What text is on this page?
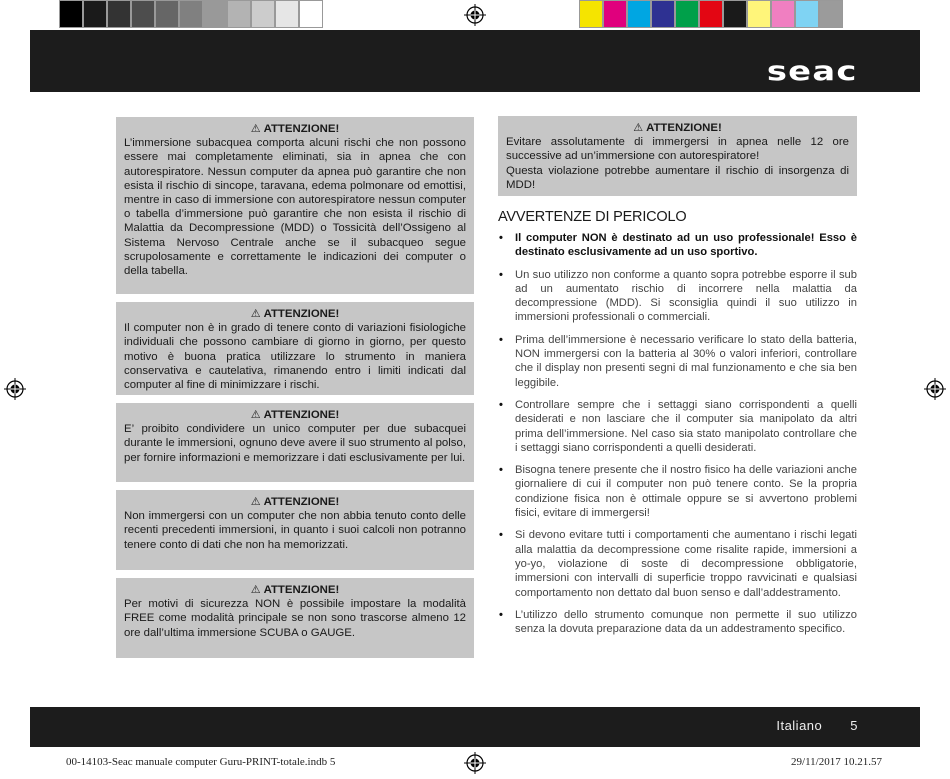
seac
⚠ ATTENZIONE!

L’immersione subacquea comporta alcuni rischi che non possono essere mai completamente eliminati, sia in apnea che con autorespiratore. Nessun computer da apnea può garantire che non esista il rischio di sincope, taravana, edema polmonare od emottisi, mentre in caso di immersione con autorespiratore nessun computer o tabella d’immersione può garantire che non esista il rischio di Malattia da Decompressione (MDD) o Tossicità dell’Ossigeno al Sistema Nervoso Centrale anche se il subacqueo segue scrupolosamente e correttamente le indicazioni dei computer o della tabella.

⚠ ATTENZIONE!

Il computer non è in grado di tenere conto di variazioni fisiologiche individuali che possono cambiare di giorno in giorno, per questo motivo è buona pratica utilizzare lo strumento in maniera conservativa e cautelativa, rimanendo entro i limiti indicati dal computer al fine di minimizzare i rischi.

⚠ ATTENZIONE!

E’ proibito condividere un unico computer per due subacquei durante le immersioni, ognuno deve avere il suo strumento al polso, per fornire informazioni e memorizzare i dati esclusivamente per lui.

⚠ ATTENZIONE!

Non immergersi con un computer che non abbia tenuto conto delle recenti precedenti immersioni, in quanto i suoi calcoli non potranno tenere conto di dati che non ha memorizzati.

⚠ ATTENZIONE!

Per motivi di sicurezza NON è possibile impostare la modalità FREE come modalità principale se non sono trascorse almeno 12 ore dall’ultima immersione SCUBA o GAUGE.

⚠ ATTENZIONE!

Evitare assolutamente di immergersi in apnea nelle 12 ore successive ad un’immersione con autorespiratore!

Questa violazione potrebbe aumentare il rischio di insorgenza di MDD!

AVVERTENZE DI PERICOLO
• Il computer NON è destinato ad un uso professionale! Esso è destinato esclusivamente ad un uso sportivo.
• Un suo utilizzo non conforme a quanto sopra potrebbe esporre il sub ad un aumentato rischio di incorrere nella malattia da decompressione (MDD). Si sconsiglia quindi il suo utilizzo in immersioni professionali o commerciali.
• Prima dell’immersione è necessario verificare lo stato della batteria, NON immergersi con la batteria al 30% o valori inferiori, controllare che il display non presenti segni di mal funzionamento e che sia ben leggibile.
• Controllare sempre che i settaggi siano corrispondenti a quelli desiderati e non lasciare che il computer sia manipolato da altri prima dell’immersione. Nel caso sia stato manipolato controllare che i settaggi siano corrispondenti a quelli desiderati.
• Bisogna tenere presente che il nostro fisico ha delle variazioni anche giornaliere di cui il computer non può tenere conto. Se la propria condizione fisica non è ottimale oppure se si avvertono problemi fisici, evitare di immergersi!
• Si devono evitare tutti i comportamenti che aumentano i rischi legati alla malattia da decompressione come risalite rapide, immersioni a yo-yo, violazione di soste di decompressione obbligatorie, immersioni con intervalli di superficie troppo ravvicinati e qualsiasi comportamento non dettato dal buon senso e dall’addestramento.
• L’utilizzo dello strumento comunque non permette il suo utilizzo senza la dovuta preparazione data da un addestramento specifico.
Italiano 5
00-14103-Seac manuale computer Guru-PRINT-totale.indb 5	29/11/2017 10.21.57
